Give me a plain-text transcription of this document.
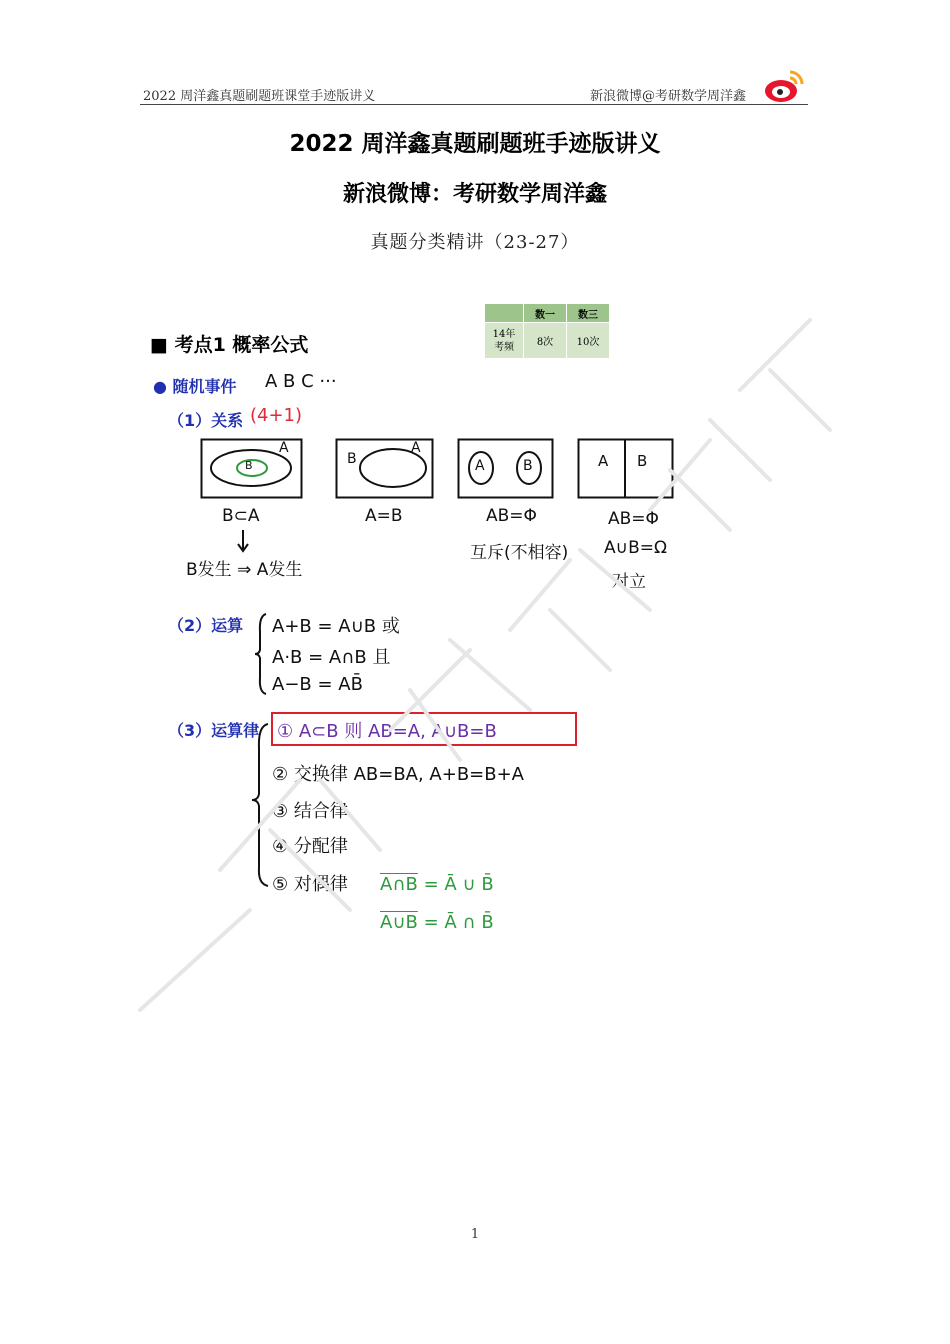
2022 周洋鑫真题刷题班课堂手迹版讲义	新浪微博@考研数学周洋鑫
2022 周洋鑫真题刷题班手迹版讲义
新浪微博：考研数学周洋鑫
真题分类精讲（23-27）
	数一	数三

14年
考频	8次	10次
■ 考点1 概率公式
● 随机事件 A B C ···
（1）关系 (4+1)
B
A
B⊂A
B发生 ⇒ A发生
B
A
A=B
A	B
AB=Φ
互斥(不相容)
A B
AB=Φ
A∪B=Ω
对立
（2）运算 A+B = A∪B 或
A·B = A∩B 且
A−B = AB̄
（3）运算律 ① A⊂B 则 AB=A, A∪B=B
② 交换律 AB=BA, A+B=B+A
③ 结合律
④ 分配律
⑤ 对偶律 A∩B = Ā ∪ B̄
A∪B = Ā ∩ B̄
1
